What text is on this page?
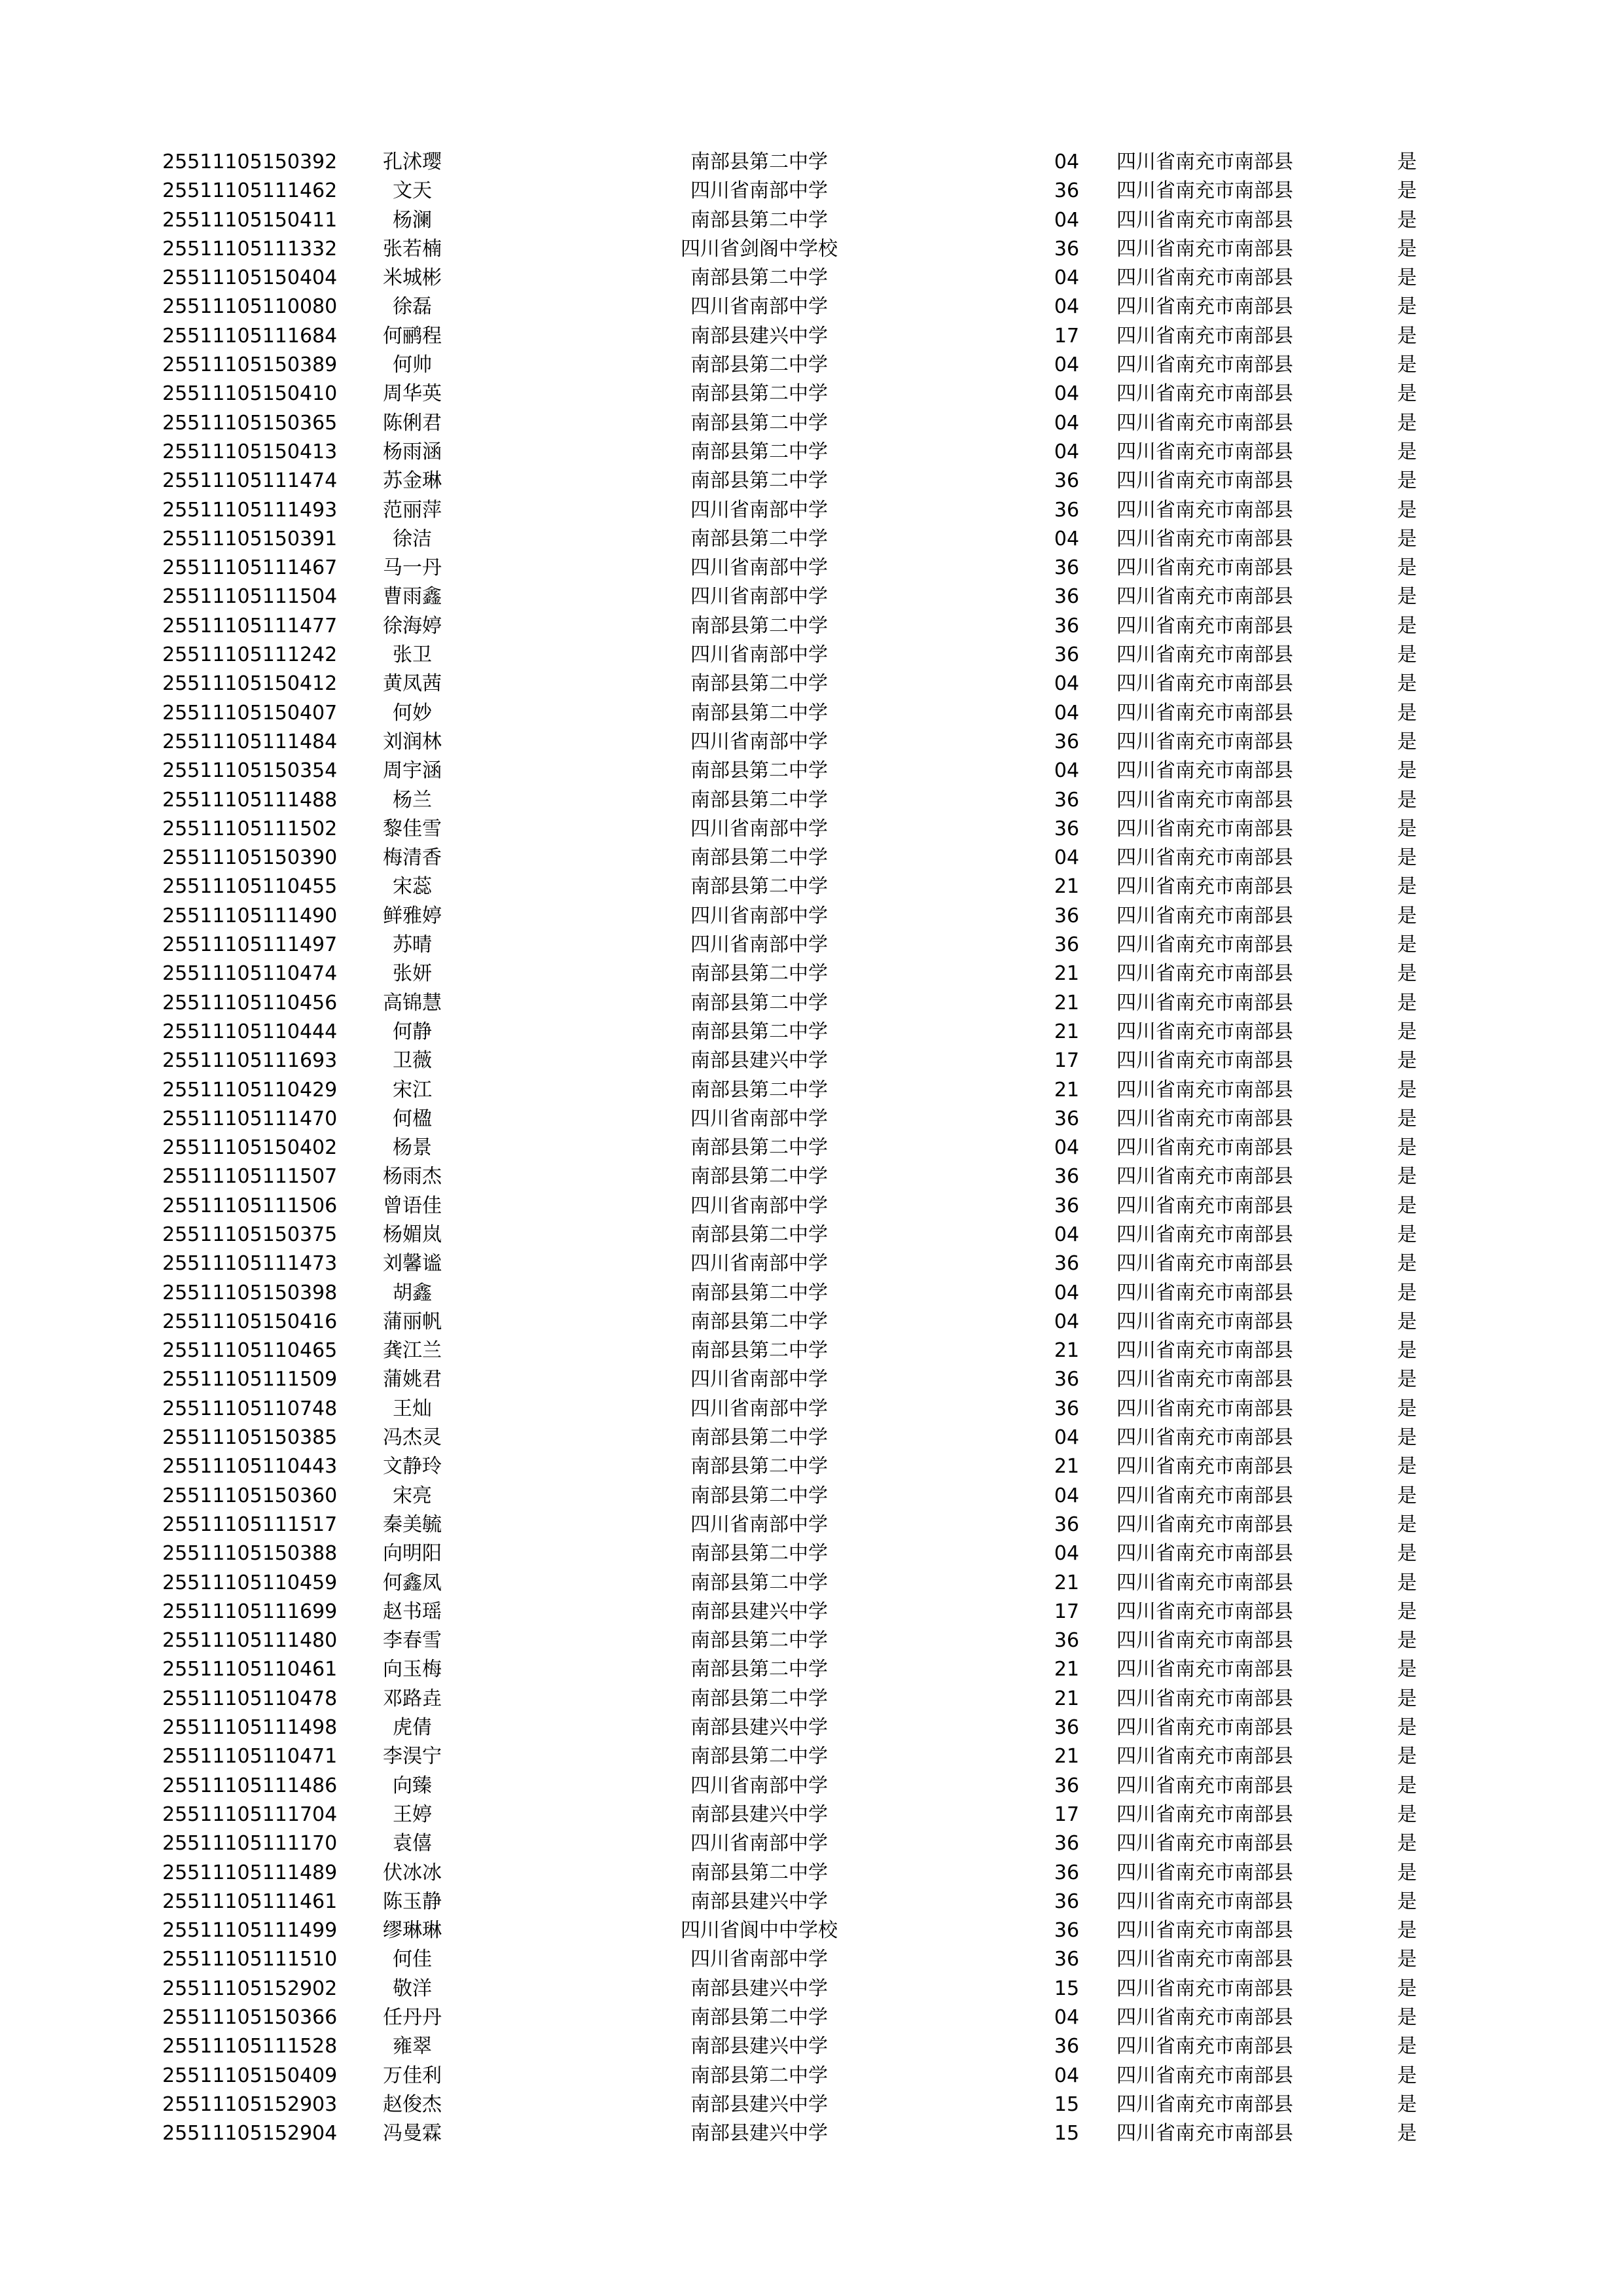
25511105150392	孔沭璎	南部县第二中学	04	四川省南充市南部县	是
25511105111462	文天	四川省南部中学	36	四川省南充市南部县	是
25511105150411	杨澜	南部县第二中学	04	四川省南充市南部县	是
25511105111332	张若楠	四川省剑阁中学校	36	四川省南充市南部县	是
25511105150404	米城彬	南部县第二中学	04	四川省南充市南部县	是
25511105110080	徐磊	四川省南部中学	04	四川省南充市南部县	是
25511105111684	何鹂程	南部县建兴中学	17	四川省南充市南部县	是
25511105150389	何帅	南部县第二中学	04	四川省南充市南部县	是
25511105150410	周华英	南部县第二中学	04	四川省南充市南部县	是
25511105150365	陈俐君	南部县第二中学	04	四川省南充市南部县	是
25511105150413	杨雨涵	南部县第二中学	04	四川省南充市南部县	是
25511105111474	苏金琳	南部县第二中学	36	四川省南充市南部县	是
25511105111493	范丽萍	四川省南部中学	36	四川省南充市南部县	是
25511105150391	徐洁	南部县第二中学	04	四川省南充市南部县	是
25511105111467	马一丹	四川省南部中学	36	四川省南充市南部县	是
25511105111504	曹雨鑫	四川省南部中学	36	四川省南充市南部县	是
25511105111477	徐海婷	南部县第二中学	36	四川省南充市南部县	是
25511105111242	张卫	四川省南部中学	36	四川省南充市南部县	是
25511105150412	黄凤茜	南部县第二中学	04	四川省南充市南部县	是
25511105150407	何妙	南部县第二中学	04	四川省南充市南部县	是
25511105111484	刘润林	四川省南部中学	36	四川省南充市南部县	是
25511105150354	周宇涵	南部县第二中学	04	四川省南充市南部县	是
25511105111488	杨兰	南部县第二中学	36	四川省南充市南部县	是
25511105111502	黎佳雪	四川省南部中学	36	四川省南充市南部县	是
25511105150390	梅清香	南部县第二中学	04	四川省南充市南部县	是
25511105110455	宋蕊	南部县第二中学	21	四川省南充市南部县	是
25511105111490	鲜雅婷	四川省南部中学	36	四川省南充市南部县	是
25511105111497	苏晴	四川省南部中学	36	四川省南充市南部县	是
25511105110474	张妍	南部县第二中学	21	四川省南充市南部县	是
25511105110456	高锦慧	南部县第二中学	21	四川省南充市南部县	是
25511105110444	何静	南部县第二中学	21	四川省南充市南部县	是
25511105111693	卫薇	南部县建兴中学	17	四川省南充市南部县	是
25511105110429	宋江	南部县第二中学	21	四川省南充市南部县	是
25511105111470	何楹	四川省南部中学	36	四川省南充市南部县	是
25511105150402	杨景	南部县第二中学	04	四川省南充市南部县	是
25511105111507	杨雨杰	南部县第二中学	36	四川省南充市南部县	是
25511105111506	曾语佳	四川省南部中学	36	四川省南充市南部县	是
25511105150375	杨媚岚	南部县第二中学	04	四川省南充市南部县	是
25511105111473	刘馨谧	四川省南部中学	36	四川省南充市南部县	是
25511105150398	胡鑫	南部县第二中学	04	四川省南充市南部县	是
25511105150416	蒲丽帆	南部县第二中学	04	四川省南充市南部县	是
25511105110465	龚江兰	南部县第二中学	21	四川省南充市南部县	是
25511105111509	蒲姚君	四川省南部中学	36	四川省南充市南部县	是
25511105110748	王灿	四川省南部中学	36	四川省南充市南部县	是
25511105150385	冯杰灵	南部县第二中学	04	四川省南充市南部县	是
25511105110443	文静玲	南部县第二中学	21	四川省南充市南部县	是
25511105150360	宋亮	南部县第二中学	04	四川省南充市南部县	是
25511105111517	秦美毓	四川省南部中学	36	四川省南充市南部县	是
25511105150388	向明阳	南部县第二中学	04	四川省南充市南部县	是
25511105110459	何鑫凤	南部县第二中学	21	四川省南充市南部县	是
25511105111699	赵书瑶	南部县建兴中学	17	四川省南充市南部县	是
25511105111480	李春雪	南部县第二中学	36	四川省南充市南部县	是
25511105110461	向玉梅	南部县第二中学	21	四川省南充市南部县	是
25511105110478	邓路垚	南部县第二中学	21	四川省南充市南部县	是
25511105111498	虎倩	南部县建兴中学	36	四川省南充市南部县	是
25511105110471	李淏宁	南部县第二中学	21	四川省南充市南部县	是
25511105111486	向臻	四川省南部中学	36	四川省南充市南部县	是
25511105111704	王婷	南部县建兴中学	17	四川省南充市南部县	是
25511105111170	袁僖	四川省南部中学	36	四川省南充市南部县	是
25511105111489	伏冰冰	南部县第二中学	36	四川省南充市南部县	是
25511105111461	陈玉静	南部县建兴中学	36	四川省南充市南部县	是
25511105111499	缪琳琳	四川省阆中中学校	36	四川省南充市南部县	是
25511105111510	何佳	四川省南部中学	36	四川省南充市南部县	是
25511105152902	敬洋	南部县建兴中学	15	四川省南充市南部县	是
25511105150366	任丹丹	南部县第二中学	04	四川省南充市南部县	是
25511105111528	雍翠	南部县建兴中学	36	四川省南充市南部县	是
25511105150409	万佳利	南部县第二中学	04	四川省南充市南部县	是
25511105152903	赵俊杰	南部县建兴中学	15	四川省南充市南部县	是
25511105152904	冯曼霖	南部县建兴中学	15	四川省南充市南部县	是
